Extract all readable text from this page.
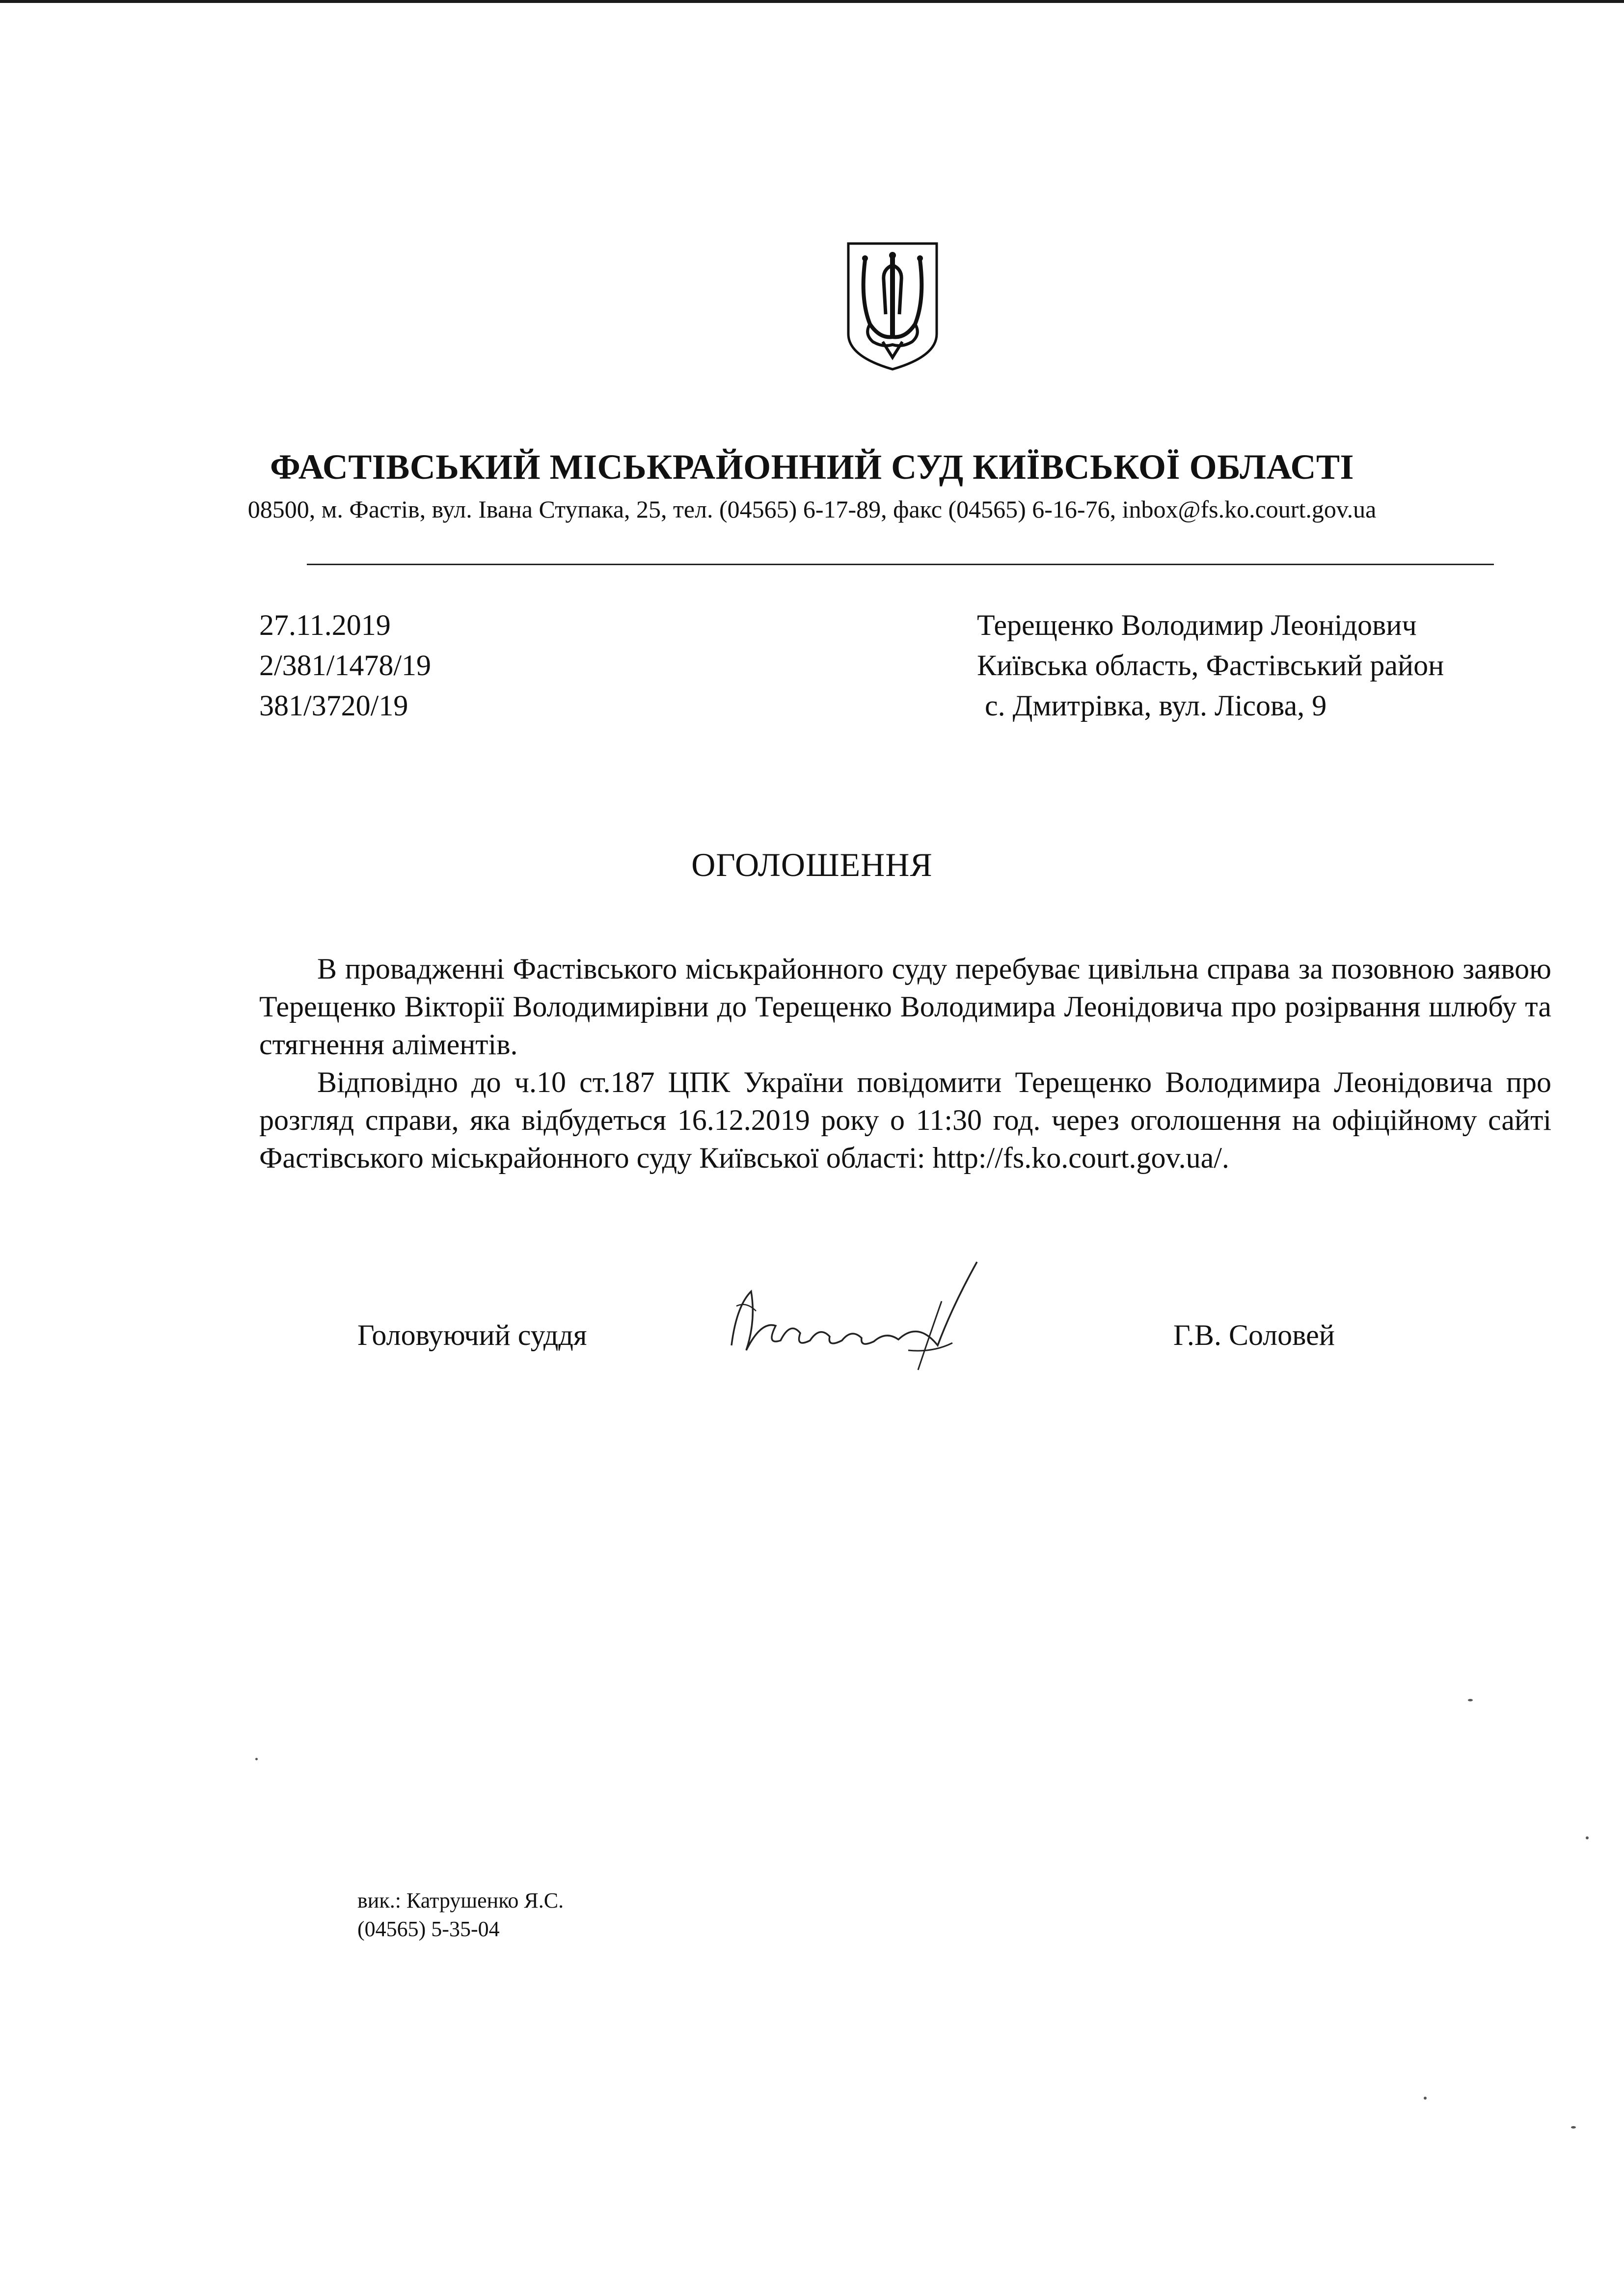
ФАСТІВСЬКИЙ МІСЬКРАЙОННИЙ СУД КИЇВСЬКОЇ ОБЛАСТІ
08500, м. Фастів, вул. Івана Ступака, 25, тел. (04565) 6-17-89, факс (04565) 6-16-76, inbox@fs.ko.court.gov.ua
27.11.2019
2/381/1478/19
381/3720/19
Терещенко Володимир Леонідович
Київська область, Фастівський район
с. Дмитрівка, вул. Лісова, 9
ОГОЛОШЕННЯ

В провадженні Фастівського міськрайонного суду перебуває цивільна справа за позовною заявою Терещенко Вікторії Володимирівни до Терещенко Володимира Леонідовича про розірвання шлюбу та стягнення аліментів.

Відповідно до ч.10 ст.187 ЦПК України повідомити Терещенко Володимира Леонідовича про розгляд справи, яка відбудеться 16.12.2019 року о 11:30 год. через оголошення на офіційному сайті Фастівського міськрайонного суду Київської області: http://fs.ko.court.gov.ua/.

Головуючий суддя	Г.В. Соловей
вик.: Катрушенко Я.С.
(04565) 5-35-04
